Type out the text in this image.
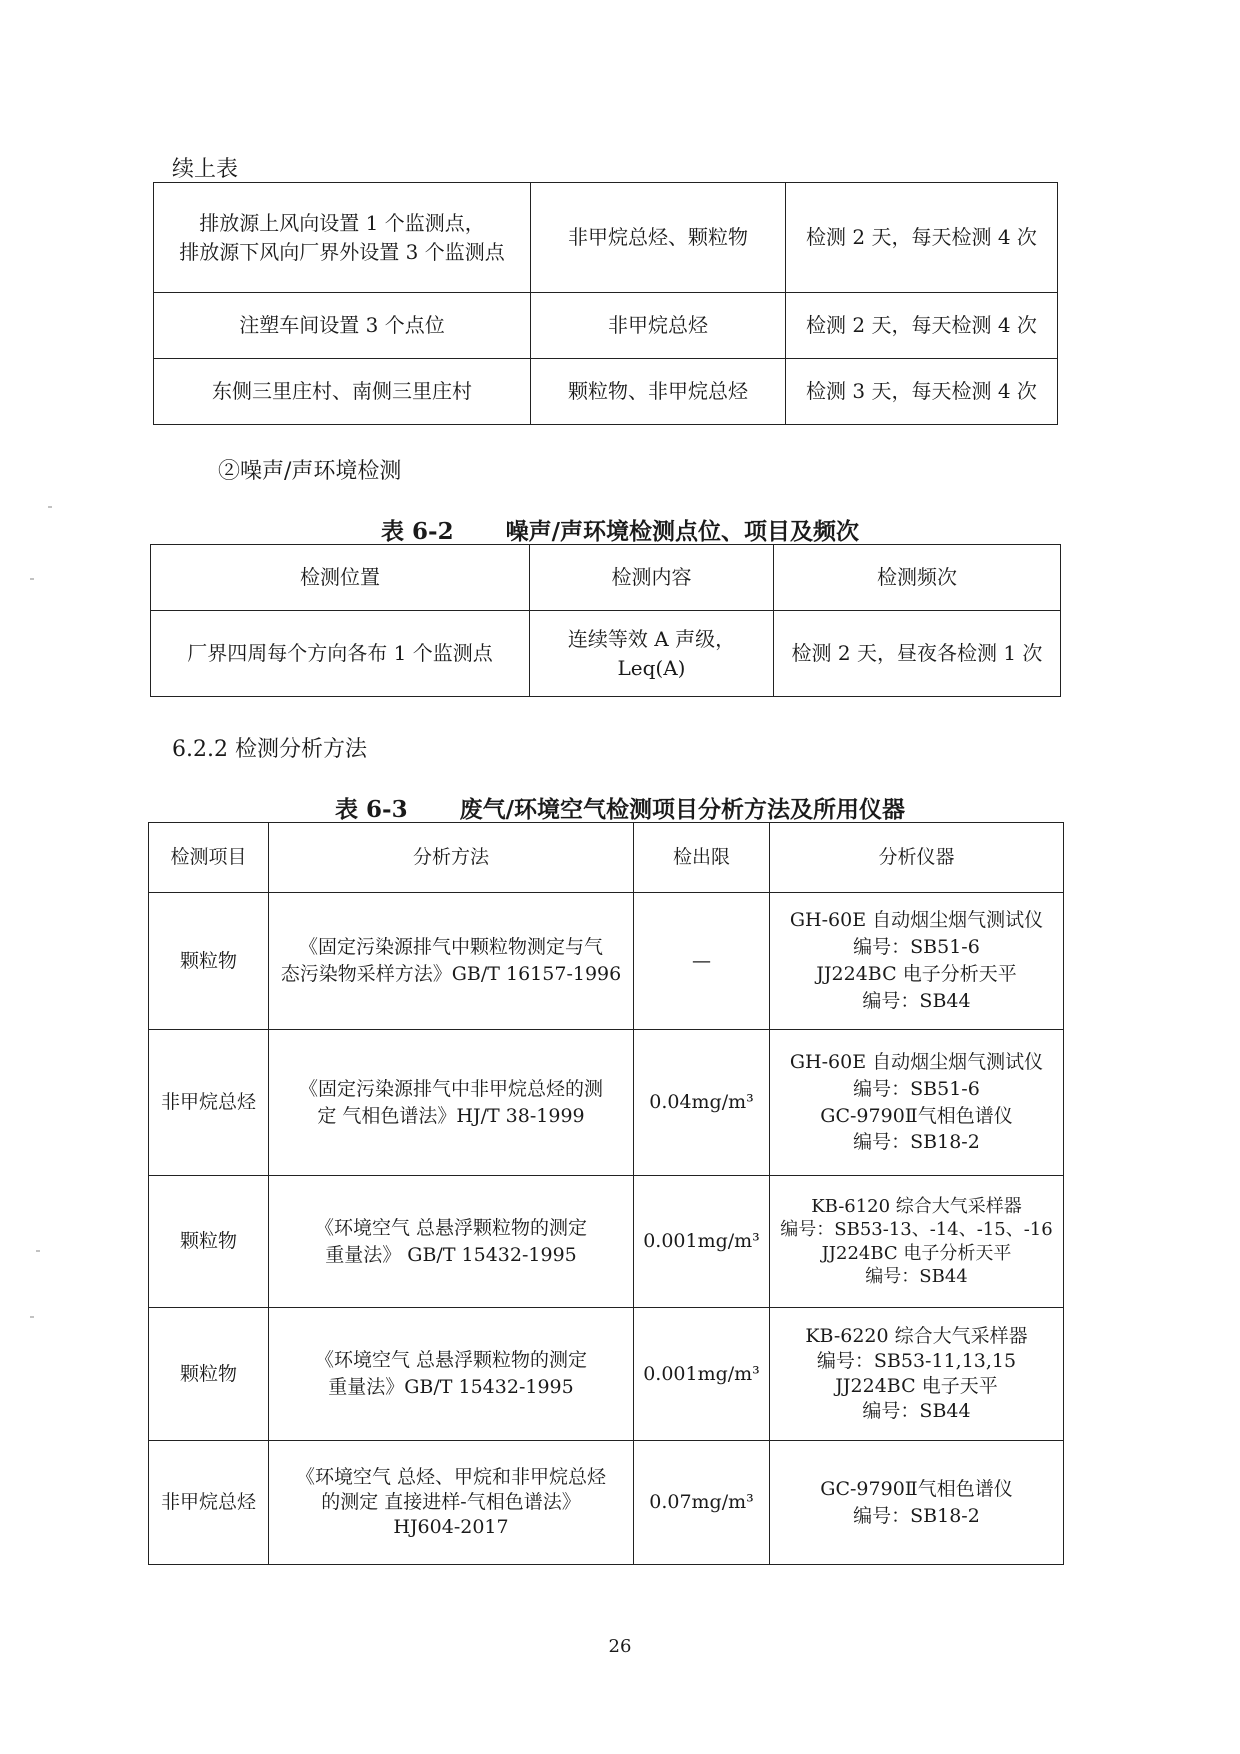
续上表
排放源上风向设置 1 个监测点，
排放源下风向厂界外设置 3 个监测点	非甲烷总烃、颗粒物	检测 2 天，每天检测 4 次
注塑车间设置 3 个点位	非甲烷总烃	检测 2 天，每天检测 4 次
东侧三里庄村、南侧三里庄村	颗粒物、非甲烷总烃	检测 3 天，每天检测 4 次
②噪声/声环境检测
表 6-2 噪声/声环境检测点位、项目及频次
检测位置	检测内容	检测频次
厂界四周每个方向各布 1 个监测点	连续等效 A 声级，
Leq(A)	检测 2 天，昼夜各检测 1 次
6.2.2 检测分析方法
表 6-3 废气/环境空气检测项目分析方法及所用仪器
检测项目	分析方法	检出限	分析仪器
颗粒物	《固定污染源排气中颗粒物测定与气
态污染物采样方法》GB/T 16157-1996	—	GH-60E 自动烟尘烟气测试仪
编号：SB51-6
JJ224BC 电子分析天平
编号：SB44

非甲烷总烃	《固定污染源排气中非甲烷总烃的测
定 气相色谱法》HJ/T 38-1999	0.04mg/m³	GH-60E 自动烟尘烟气测试仪
编号：SB51-6
GC-9790Ⅱ气相色谱仪
编号：SB18-2

颗粒物	《环境空气 总悬浮颗粒物的测定
重量法》 GB/T 15432-1995	0.001mg/m³	KB-6120 综合大气采样器
编号：SB53-13、-14、-15、-16
JJ224BC 电子分析天平
编号：SB44

颗粒物	《环境空气 总悬浮颗粒物的测定
重量法》GB/T 15432-1995	0.001mg/m³	KB-6220 综合大气采样器
编号：SB53-11,13,15
JJ224BC 电子天平
编号：SB44

非甲烷总烃	《环境空气 总烃、甲烷和非甲烷总烃
的测定 直接进样-气相色谱法》
HJ604-2017	0.07mg/m³	GC-9790Ⅱ气相色谱仪
编号：SB18-2
26
